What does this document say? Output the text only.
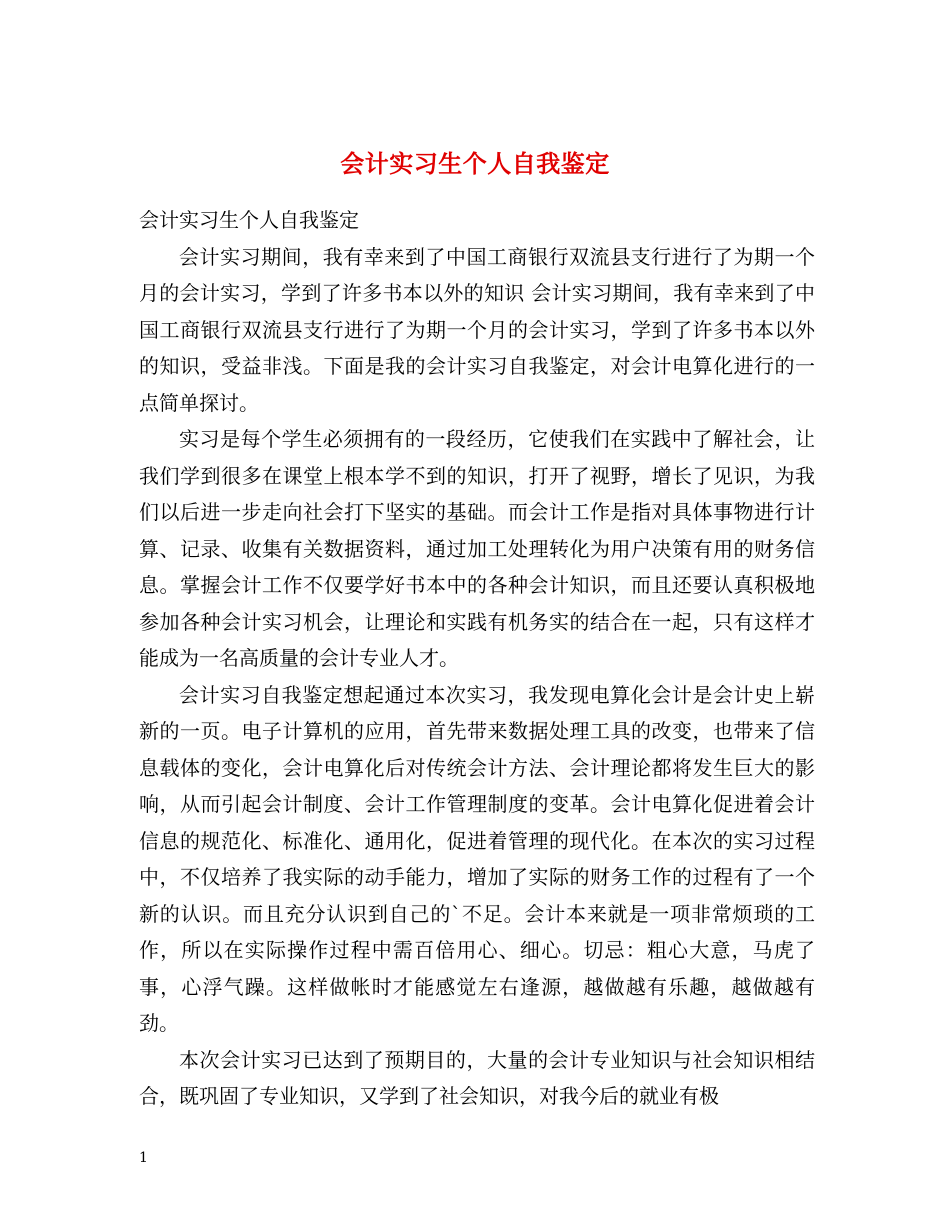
会计实习生个人自我鉴定

会计实习生个人自我鉴定

会计实习期间，我有幸来到了中国工商银行双流县支行进行了为期一个月的会计实习，学到了许多书本以外的知识 会计实习期间，我有幸来到了中国工商银行双流县支行进行了为期一个月的会计实习，学到了许多书本以外的知识，受益非浅。下面是我的会计实习自我鉴定，对会计电算化进行的一点简单探讨。

实习是每个学生必须拥有的一段经历，它使我们在实践中了解社会，让我们学到很多在课堂上根本学不到的知识，打开了视野，增长了见识，为我们以后进一步走向社会打下坚实的基础。而会计工作是指对具体事物进行计算、记录、收集有关数据资料，通过加工处理转化为用户决策有用的财务信息。掌握会计工作不仅要学好书本中的各种会计知识，而且还要认真积极地参加各种会计实习机会，让理论和实践有机务实的结合在一起，只有这样才能成为一名高质量的会计专业人才。

会计实习自我鉴定想起通过本次实习，我发现电算化会计是会计史上崭新的一页。电子计算机的应用，首先带来数据处理工具的改变，也带来了信息载体的变化，会计电算化后对传统会计方法、会计理论都将发生巨大的影响，从而引起会计制度、会计工作管理制度的变革。会计电算化促进着会计信息的规范化、标准化、通用化，促进着管理的现代化。在本次的实习过程中，不仅培养了我实际的动手能力，增加了实际的财务工作的过程有了一个新的认识。而且充分认识到自己的`不足。会计本来就是一项非常烦琐的工作，所以在实际操作过程中需百倍用心、细心。切忌：粗心大意，马虎了事，心浮气躁。这样做帐时才能感觉左右逢源，越做越有乐趣，越做越有劲。

本次会计实习已达到了预期目的，大量的会计专业知识与社会知识相结合，既巩固了专业知识，又学到了社会知识，对我今后的就业有极

1
